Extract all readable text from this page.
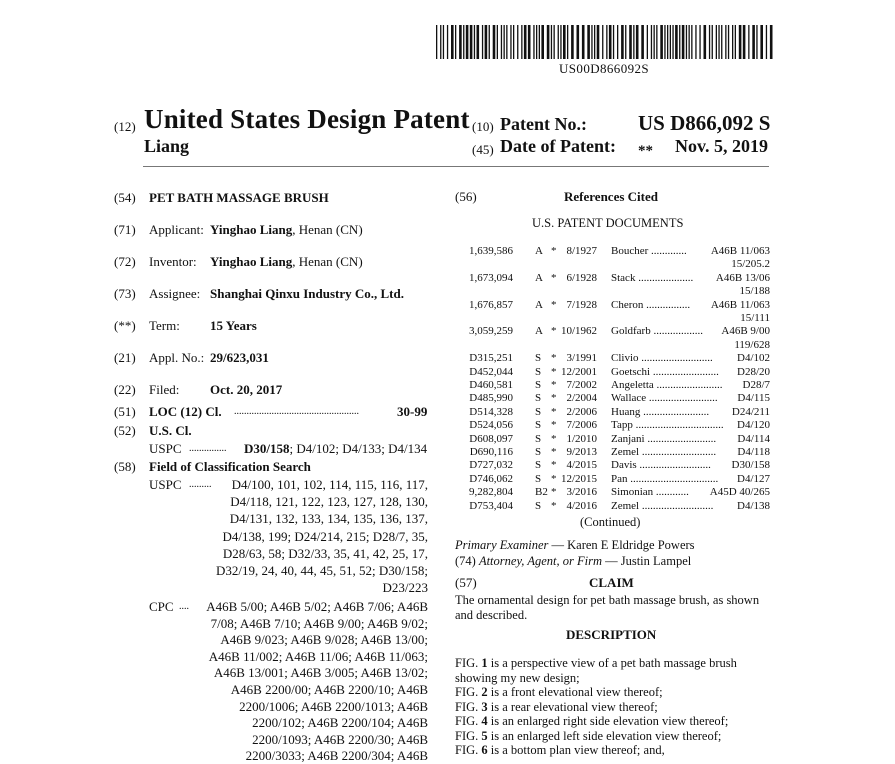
US00D866092S
(12) United States Design Patent
Liang
(10) Patent No.: US D866,092 S
(45) Date of Patent: ** Nov. 5, 2019
(54) PET BATH MASSAGE BRUSH
(71) Applicant: Yinghao Liang, Henan (CN)
(72) Inventor: Yinghao Liang, Henan (CN)
(73) Assignee: Shanghai Qinxu Industry Co., Ltd.
(**) Term: 15 Years
(21) Appl. No.: 29/623,031
(22) Filed: Oct. 20, 2017
(51) LOC (12) Cl. ..................................................	30-99
(52) U.S. Cl.
USPC ............... D30/158; D4/102; D4/133; D4/134
(58) Field of Classification Search
USPC ......... D4/100, 101, 102, 114, 115, 116, 117,
D4/118, 121, 122, 123, 127, 128, 130,
D4/131, 132, 133, 134, 135, 136, 137,
D4/138, 199; D24/214, 215; D28/7, 35,
D28/63, 58; D32/33, 35, 41, 42, 25, 17,
D32/19, 24, 40, 44, 45, 51, 52; D30/158;
D23/223
CPC .... A46B 5/00; A46B 5/02; A46B 7/06; A46B
7/08; A46B 7/10; A46B 9/00; A46B 9/02;
A46B 9/023; A46B 9/028; A46B 13/00;
A46B 11/002; A46B 11/06; A46B 11/063;
A46B 13/001; A46B 3/005; A46B 13/02;
A46B 2200/00; A46B 2200/10; A46B
2200/1006; A46B 2200/1013; A46B
2200/102; A46B 2200/104; A46B
2200/1093; A46B 2200/30; A46B
2200/3033; A46B 2200/304; A46B
(56)	References Cited
U.S. PATENT DOCUMENTS
1,639,586 A * 8/1927 Boucher .............	A46B 11/063
15/205.2
1,673,094 A * 6/1928 Stack ....................	A46B 13/06
15/188
1,676,857 A * 7/1928 Cheron ................	A46B 11/063
15/111
3,059,259 A * 10/1962 Goldfarb ..................	A46B 9/00
119/628
D315,251 S * 3/1991 Clivio .......................... D4/102
D452,044 S * 12/2001 Goetschi ........................ D28/20
D460,581 S * 7/2002 Angeletta ........................ D28/7
D485,990 S * 2/2004 Wallace ......................... D4/115
D514,328 S * 2/2006 Huang ........................ D24/211
D524,056 S * 7/2006 Tapp ................................ D4/120
D608,097 S * 1/2010 Zanjani ......................... D4/114
D690,116 S * 9/2013 Zemel ........................... D4/118
D727,032 S * 4/2015 Davis .......................... D30/158
D746,062 S * 12/2015 Pan ................................ D4/127
9,282,804 B2 * 3/2016 Simonian ............	A45D 40/265
D753,404 S * 4/2016 Zemel .......................... D4/138
(Continued)
Primary Examiner — Karen E Eldridge Powers
(74) Attorney, Agent, or Firm — Justin Lampel
(57)	CLAIM
The ornamental design for pet bath massage brush, as shown and described.
DESCRIPTION
FIG. 1 is a perspective view of a pet bath massage brush showing my new design;
FIG. 2 is a front elevational view thereof;
FIG. 3 is a rear elevational view thereof;
FIG. 4 is an enlarged right side elevation view thereof;
FIG. 5 is an enlarged left side elevation view thereof;
FIG. 6 is a bottom plan view thereof; and,
